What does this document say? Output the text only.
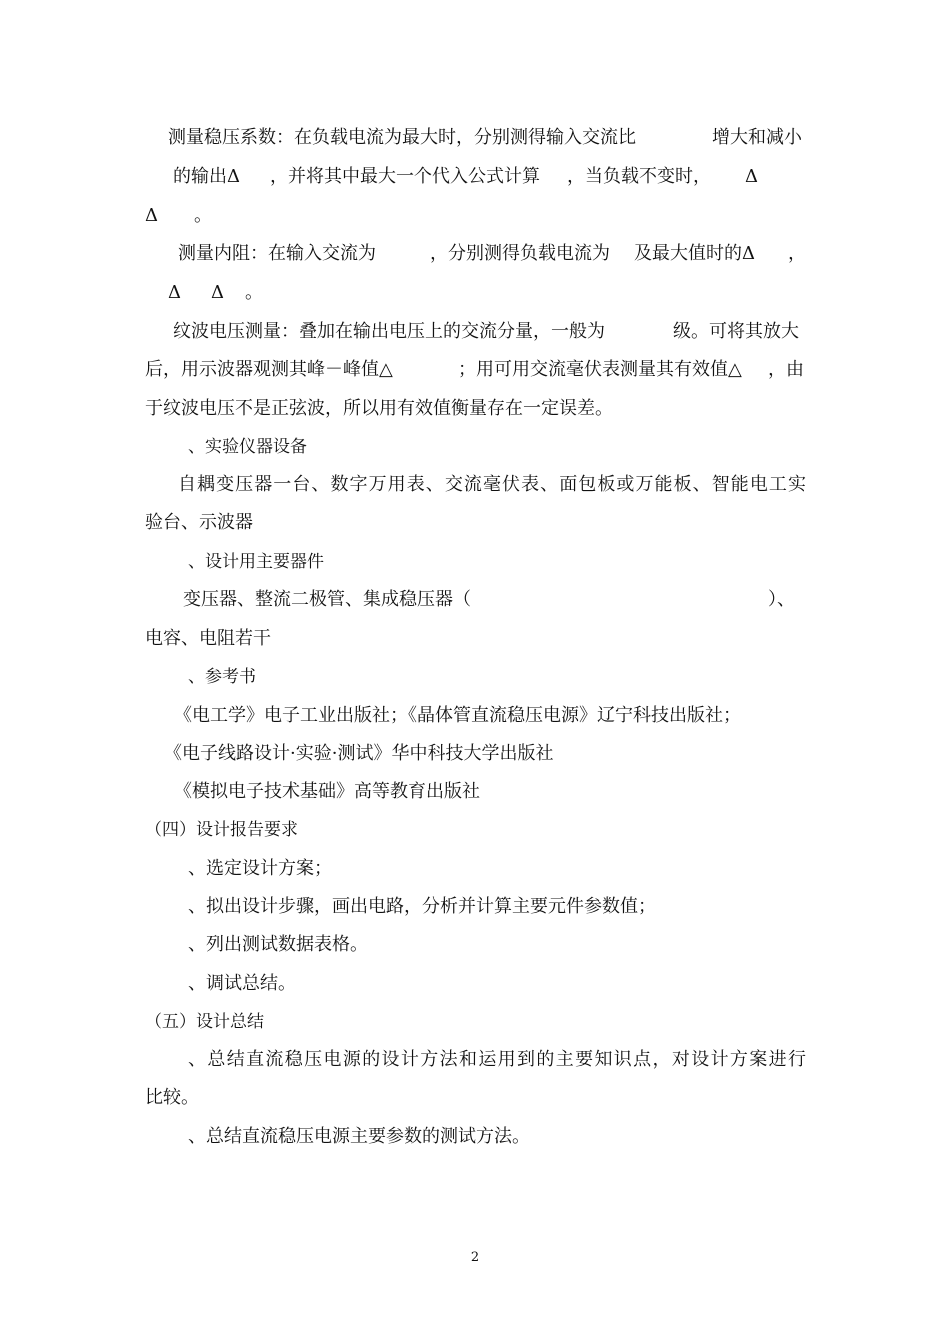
测量稳压系数：在负载电流为最大时，分别测得输入交流比	增大和减小
的输出Δ ，并将其中最大一个代入公式计算 ，当负载不变时， Δ
Δ 。
测量内阻：在输入交流为	，分别测得负载电流为 及最大值时的Δ ，
Δ Δ 。
纹波电压测量：叠加在输出电压上的交流分量，一般为	级。可将其放大
后，用示波器观测其峰－峰值△	；用可用交流毫伏表测量其有效值△ ，由
于纹波电压不是正弦波，所以用有效值衡量存在一定误差。
、实验仪器设备
自耦变压器一台、数字万用表、交流毫伏表、面包板或万能板、智能电工实
验台、示波器
、设计用主要器件
变压器、整流二极管、集成稳压器（	）、
电容、电阻若干
、参考书
《电工学》电子工业出版社；《晶体管直流稳压电源》辽宁科技出版社；
《电子线路设计·实验·测试》华中科技大学出版社
《模拟电子技术基础》高等教育出版社
（四）设计报告要求
、选定设计方案；
、拟出设计步骤，画出电路，分析并计算主要元件参数值；
、列出测试数据表格。
、调试总结。
（五）设计总结
、总结直流稳压电源的设计方法和运用到的主要知识点，对设计方案进行
比较。
、总结直流稳压电源主要参数的测试方法。
2
